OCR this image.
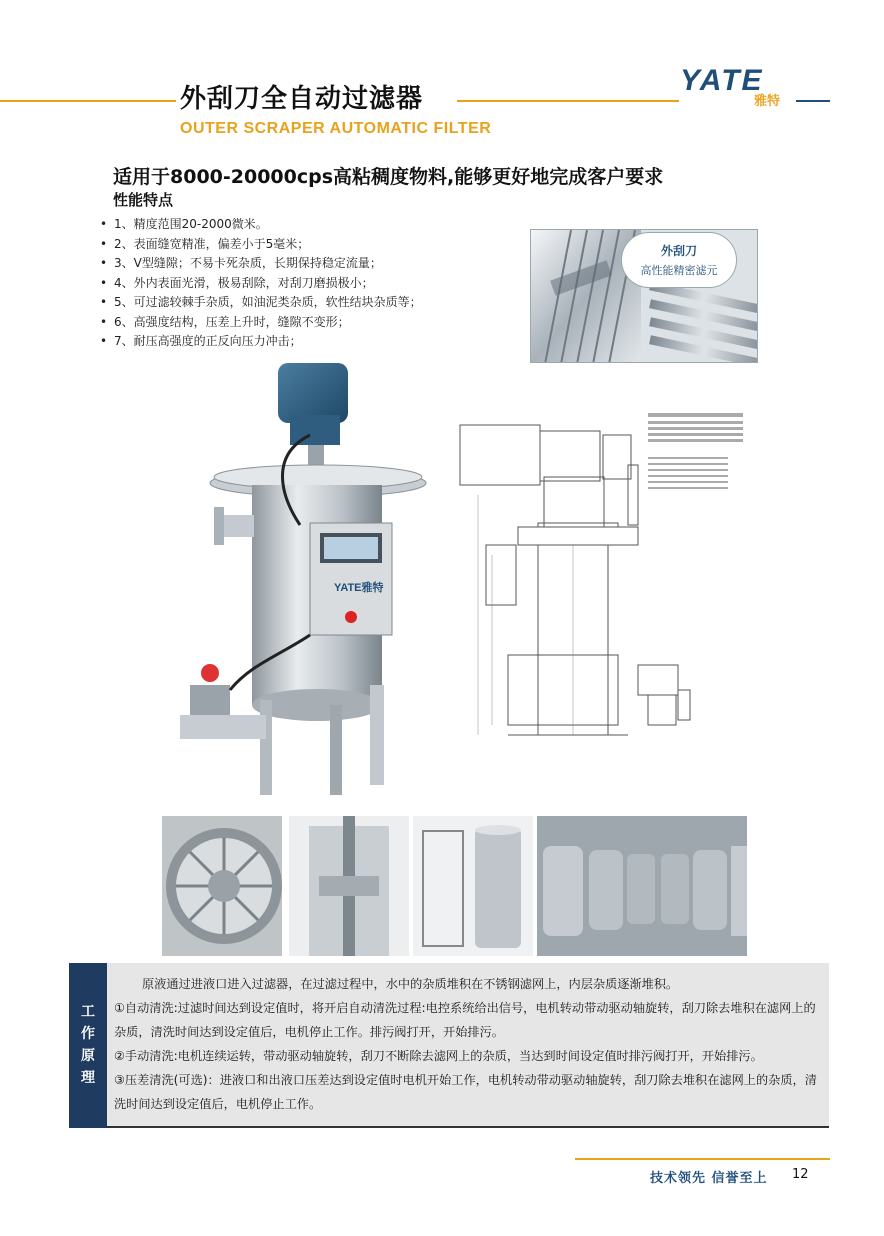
外刮刀全自动过滤器
YATE
雅特
OUTER SCRAPER AUTOMATIC FILTER
适用于8000-20000cps高粘稠度物料,能够更好地完成客户要求
性能特点
• 1、精度范围20-2000微米。
• 2、表面缝宽精准，偏差小于5毫米；
• 3、V型缝隙；不易卡死杂质，长期保持稳定流量；
• 4、外内表面光滑，极易刮除，对刮刀磨损极小；
• 5、可过滤较棘手杂质，如油泥类杂质，软性结块杂质等；
• 6、高强度结构，压差上升时，缝隙不变形；
• 7、耐压高强度的正反向压力冲击；
外刮刀
高性能精密滤元
YATE雅特
工
作
原
理

原液通过进液口进入过滤器，在过滤过程中，水中的杂质堆积在不锈钢滤网上，内层杂质逐渐堆积。

①自动清洗:过滤时间达到设定值时，将开启自动清洗过程:电控系统给出信号，电机转动带动驱动轴旋转，刮刀除去堆积在滤网上的杂质，清洗时间达到设定值后，电机停止工作。排污阀打开，开始排污。

②手动清洗:电机连续运转，带动驱动轴旋转，刮刀不断除去滤网上的杂质，当达到时间设定值时排污阀打开，开始排污。

③压差清洗(可选)：进液口和出液口压差达到设定值时电机开始工作，电机转动带动驱动轴旋转，刮刀除去堆积在滤网上的杂质，清洗时间达到设定值后，电机停止工作。

技术领先 信誉至上 12
